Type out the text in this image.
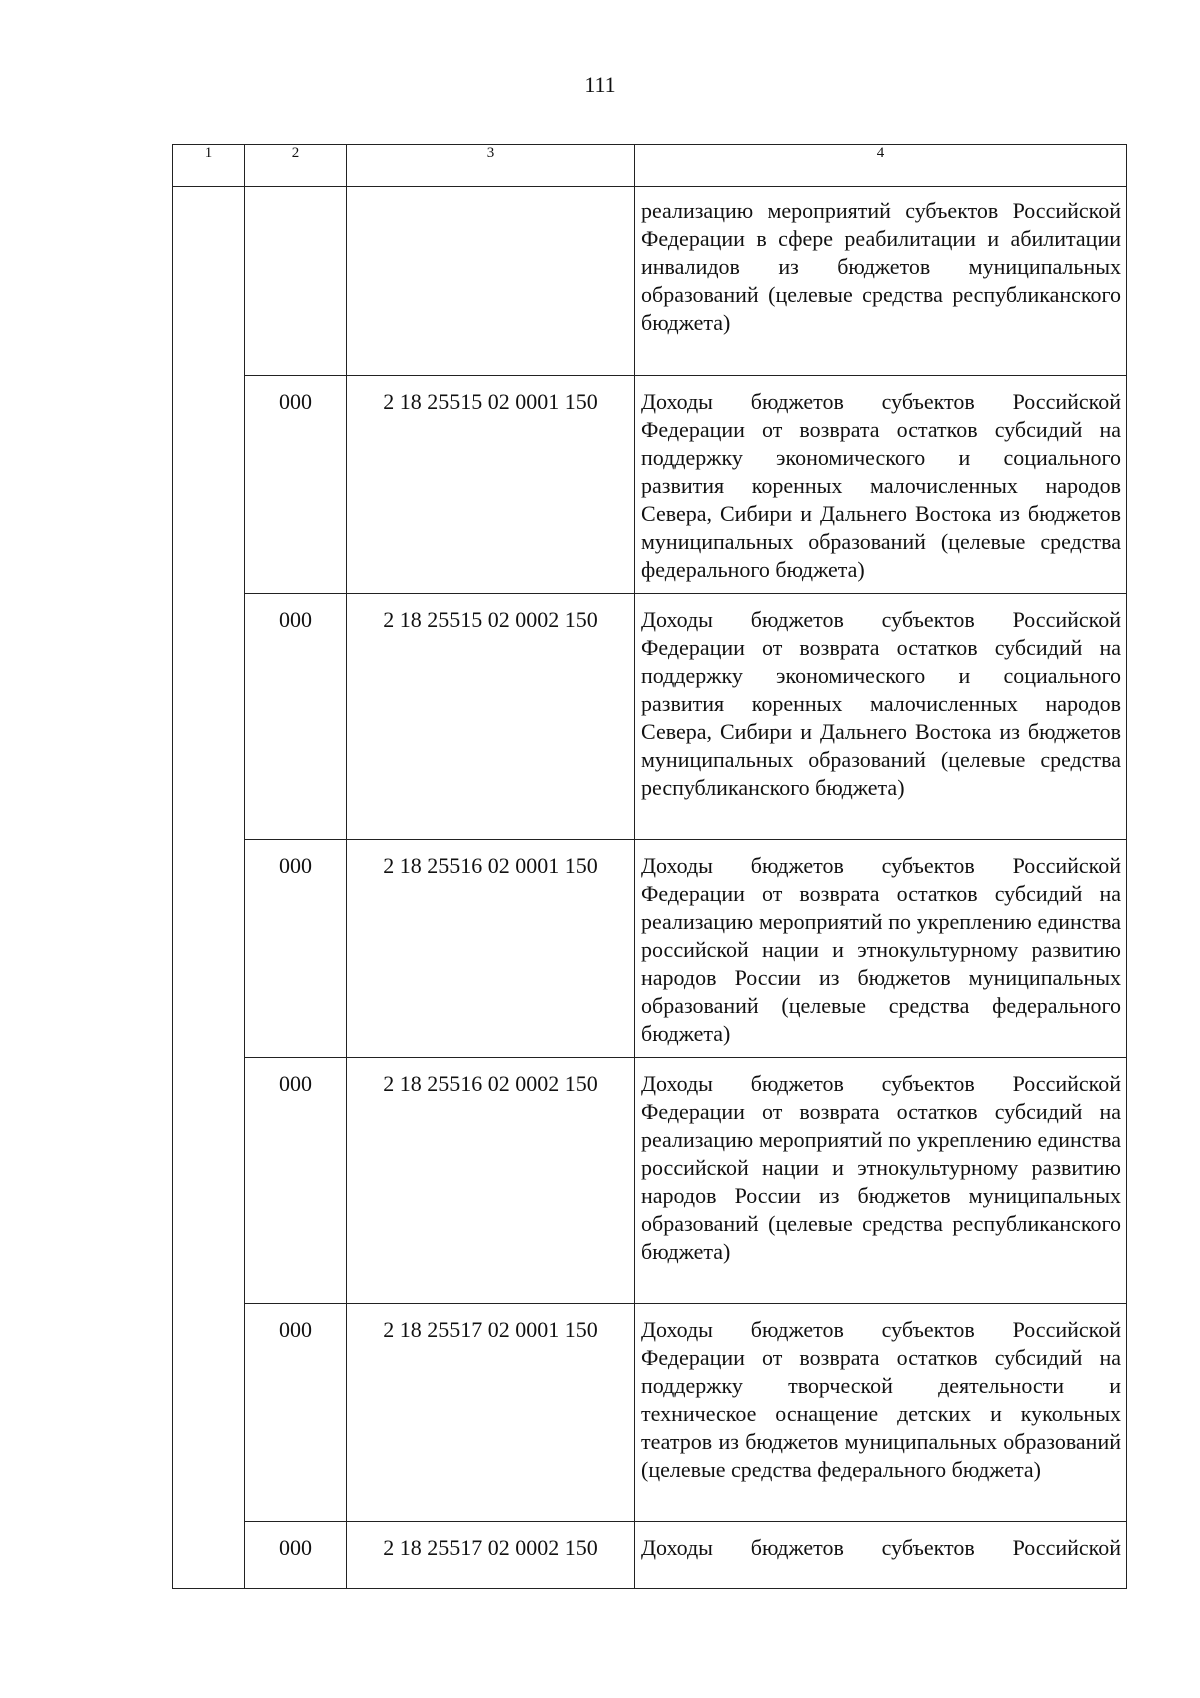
111
1	2	3	4
			реализацию мероприятий субъектов Российской Федерации в сфере реабилитации и абилитации инвалидов из бюджетов муниципальных образований (целевые средства республиканского бюджета)
	000	2 18 25515 02 0001 150	Доходы бюджетов субъектов Российской Федерации от возврата остатков субсидий на поддержку экономического и социального развития коренных малочисленных народов Севера, Сибири и Дальнего Востока из бюджетов муниципальных образований (целевые средства федерального бюджета)
	000	2 18 25515 02 0002 150	Доходы бюджетов субъектов Российской Федерации от возврата остатков субсидий на поддержку экономического и социального развития коренных малочисленных народов Севера, Сибири и Дальнего Востока из бюджетов муниципальных образований (целевые средства республиканского бюджета)
	000	2 18 25516 02 0001 150	Доходы бюджетов субъектов Российской Федерации от возврата остатков субсидий на реализацию мероприятий по укреплению единства российской нации и этнокультурному развитию народов России из бюджетов муниципальных образований (целевые средства федерального бюджета)
	000	2 18 25516 02 0002 150	Доходы бюджетов субъектов Российской Федерации от возврата остатков субсидий на реализацию мероприятий по укреплению единства российской нации и этнокультурному развитию народов России из бюджетов муниципальных образований (целевые средства республиканского бюджета)
	000	2 18 25517 02 0001 150	Доходы бюджетов субъектов Российской Федерации от возврата остатков субсидий на поддержку творческой деятельности и техническое оснащение детских и кукольных театров из бюджетов муниципальных образований (целевые средства федерального бюджета)
	000	2 18 25517 02 0002 150	Доходы бюджетов субъектов Российской
